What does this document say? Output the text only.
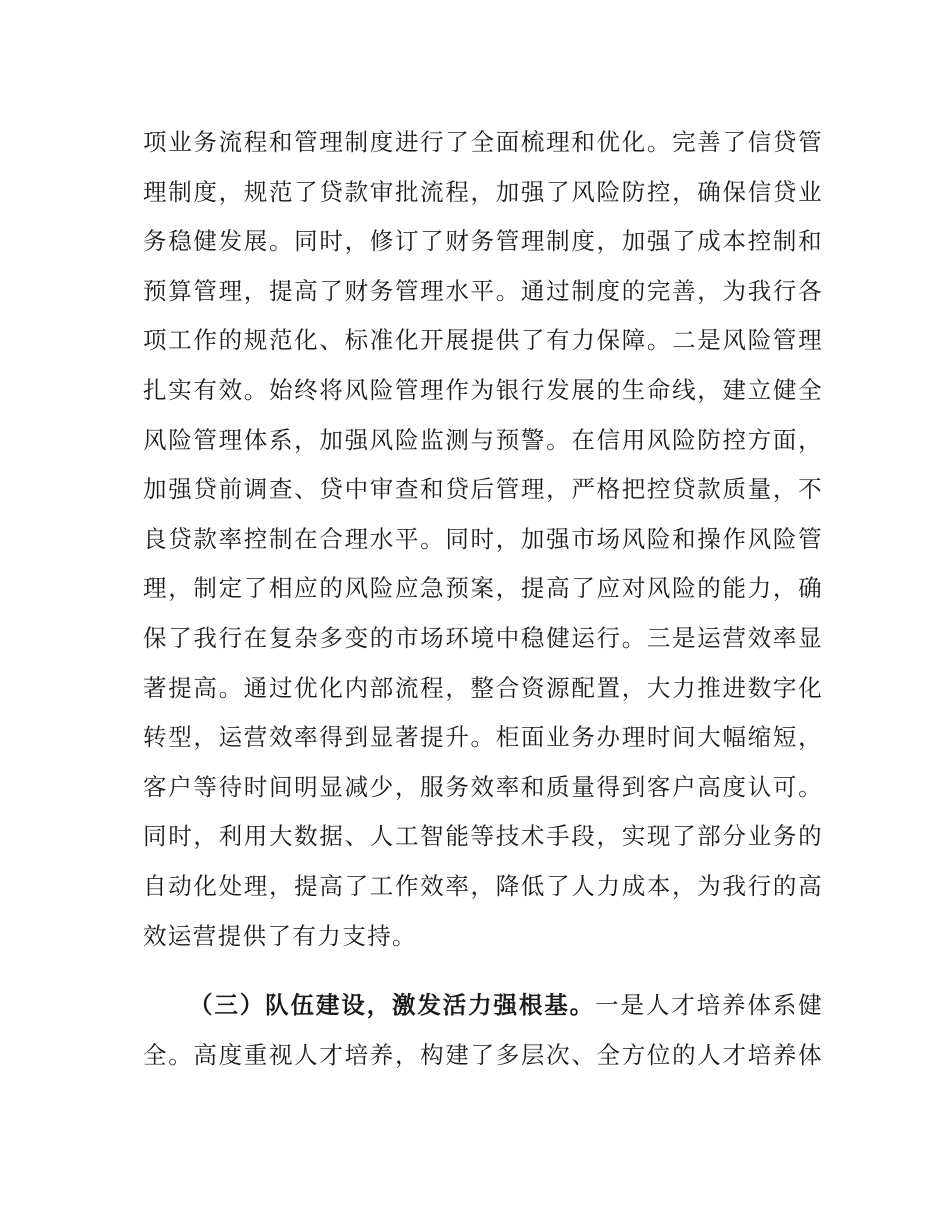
项业务流程和管理制度进行了全面梳理和优化。完善了信贷管
理制度，规范了贷款审批流程，加强了风险防控，确保信贷业
务稳健发展。同时，修订了财务管理制度，加强了成本控制和
预算管理，提高了财务管理水平。通过制度的完善，为我行各
项工作的规范化、标准化开展提供了有力保障。二是风险管理
扎实有效。始终将风险管理作为银行发展的生命线，建立健全
风险管理体系，加强风险监测与预警。在信用风险防控方面，
加强贷前调查、贷中审查和贷后管理，严格把控贷款质量，不
良贷款率控制在合理水平。同时，加强市场风险和操作风险管
理，制定了相应的风险应急预案，提高了应对风险的能力，确
保了我行在复杂多变的市场环境中稳健运行。三是运营效率显
著提高。通过优化内部流程，整合资源配置，大力推进数字化
转型，运营效率得到显著提升。柜面业务办理时间大幅缩短，
客户等待时间明显减少，服务效率和质量得到客户高度认可。
同时，利用大数据、人工智能等技术手段，实现了部分业务的
自动化处理，提高了工作效率，降低了人力成本，为我行的高
效运营提供了有力支持。
（三）队伍建设，激发活力强根基。一是人才培养体系健
全。高度重视人才培养，构建了多层次、全方位的人才培养体
